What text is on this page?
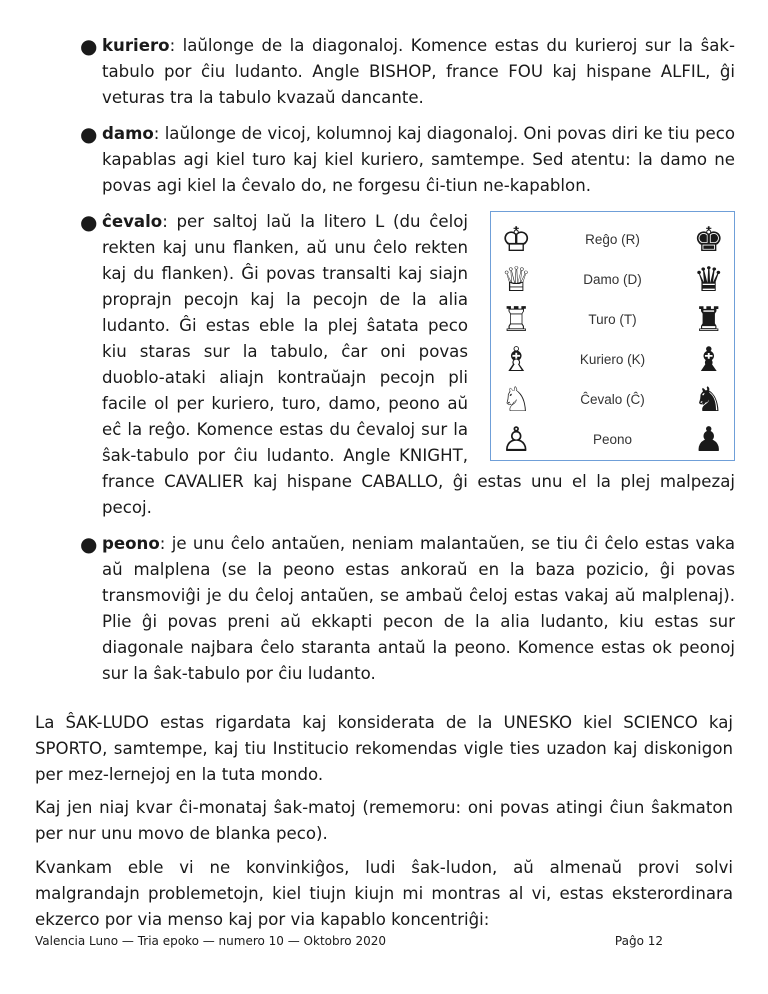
● kuriero: laŭlonge de la diagonaloj. Komence estas du kurieroj sur la ŝak-tabulo por ĉiu ludanto. Angle BISHOP, france FOU kaj hispane ALFIL, ĝi veturas tra la tabulo kvazaŭ dancante.
● damo: laŭlonge de vicoj, kolumnoj kaj diagonaloj. Oni povas diri ke tiu peco kapablas agi kiel turo kaj kiel kuriero, samtempe. Sed atentu: la damo ne povas agi kiel la ĉevalo do, ne forgesu ĉi-tiun ne-kapablon.
●	♔	Reĝo (R)	♚
♕	Damo (D)	♛
♖	Turo (T)	♜
♗	Kuriero (K)	♝
♘	Ĉevalo (Ĉ)	♞
♙	Peono	♟
ĉevalo: per saltoj laŭ la litero L (du ĉeloj rekten kaj unu flanken, aŭ unu ĉelo rekten kaj du flanken). Ĝi povas transalti kaj siajn proprajn pecojn kaj la pecojn de la alia ludanto. Ĝi estas eble la plej ŝatata peco kiu staras sur la tabulo, ĉar oni povas duoblo-ataki aliajn kontraŭajn pecojn pli facile ol per kuriero, turo, damo, peono aŭ eĉ la reĝo. Komence estas du ĉevaloj sur la ŝak-tabulo por ĉiu ludanto. Angle KNIGHT, france CAVALIER kaj hispane CABALLO, ĝi estas unu el la plej malpezaj pecoj.
● peono: je unu ĉelo antaŭen, neniam malantaŭen, se tiu ĉi ĉelo estas vaka aŭ malplena (se la peono estas ankoraŭ en la baza pozicio, ĝi povas transmoviĝi je du ĉeloj antaŭen, se ambaŭ ĉeloj estas vakaj aŭ malplenaj). Plie ĝi povas preni aŭ ekkapti pecon de la alia ludanto, kiu estas sur diagonale najbara ĉelo staranta antaŭ la peono. Komence estas ok peonoj sur la ŝak-tabulo por ĉiu ludanto.

La ŜAK-LUDO estas rigardata kaj konsiderata de la UNESKO kiel SCIENCO kaj SPORTO, samtempe, kaj tiu Institucio rekomendas vigle ties uzadon kaj diskonigon per mez-lernejoj en la tuta mondo.

Kaj jen niaj kvar ĉi-monataj ŝak-matoj (rememoru: oni povas atingi ĉiun ŝakmaton per nur unu movo de blanka peco).

Kvankam eble vi ne konvinkiĝos, ludi ŝak-ludon, aŭ almenaŭ provi solvi malgrandajn problemetojn, kiel tiujn kiujn mi montras al vi, estas eksterordinara ekzerco por via menso kaj por via kapablo koncentriĝi:

Valencia Luno — Tria epoko — numero 10 — Oktobro 2020	Paĝo 12
